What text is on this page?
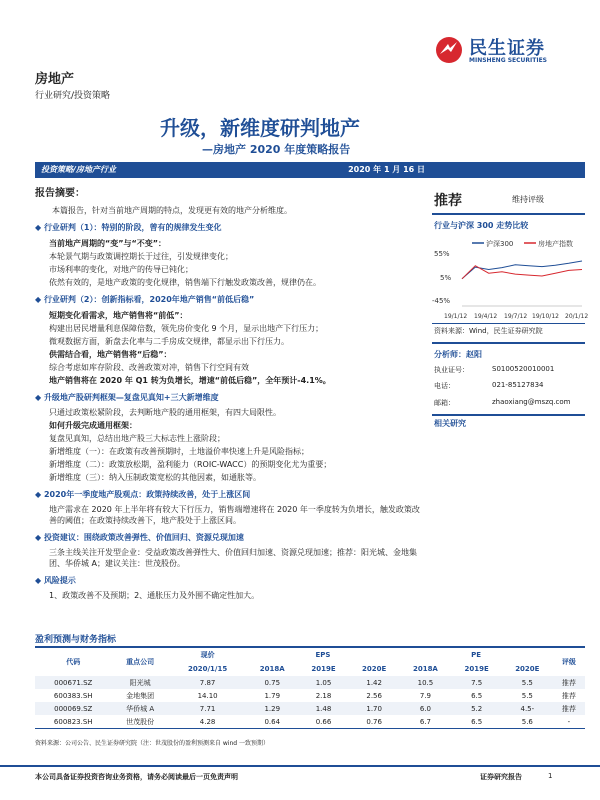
民生证券
MINSHENG SECURITIES
房地产
行业研究/投资策略
升级，新维度研判地产
—房地产 2020 年度策略报告
投资策略/房地产行业	2020 年 1 月 16 日
报告摘要：
本篇报告，针对当前地产周期的特点，发现更有效的地产分析维度。
◆ 行业研判（1）：特别的阶段，曾有的规律发生变化
当前地产周期的“变”与“不变”：
本轮景气期与政策调控期长于过往，引发规律变化；
市场利率的变化，对地产的传导已钝化；
依然有效的，是地产政策的变化规律，销售端下行触发政策改善，规律仍在。
◆ 行业研判（2）：创新指标看，2020年地产销售“前低后稳”
短期变化看需求，地产销售将“前低”：
构建出居民增量利息保障倍数，领先房价变化 9 个月，显示出地产下行压力；
微观数据方面，新盘去化率与二手房成交规律，都显示出下行压力。
供需结合看，地产销售将“后稳”：
综合考虑如库存阶段、改善政策对冲，销售下行空间有效
地产销售将在 2020 年 Q1 转为负增长，增速“前低后稳”，全年预计-4.1%。
◆ 升级地产股研判框架—复盘见真知+三大新增维度
只通过政策松紧阶段，去判断地产股的通用框架，有四大局限性。
如何升级完成通用框架：
复盘见真知，总结出地产股三大标志性上涨阶段；
新增维度（一）：在政策有改善预期时，土地溢价率快速上升是风险指标；
新增维度（二）：政策放松期，盈利能力（ROIC-WACC）的预期变化尤为重要；
新增维度（三）：纳入压制政策宽松的其他因素，如通胀等。
◆ 2020年一季度地产股观点：政策持续改善，处于上涨区间
地产需求在 2020 年上半年将有较大下行压力，销售端增速将在 2020 年一季度转为负增长，触发政策改善的阈值；在政策持续改善下，地产股处于上涨区间。
◆ 投资建议：围绕政策改善弹性、价值回归、资源兑现加速
三条主线关注开发型企业：受益政策改善弹性大、价值回归加速、资源兑现加速；推荐：阳光城、金地集团、华侨城 A；建议关注：世茂股份。
◆ 风险提示
1、政策改善不及预期；2、通胀压力及外围不确定性加大。
推荐	维持评级
行业与沪深 300 走势比较
沪深300	房地产指数
55%
5%
-45%
19/1/12 19/4/12 19/7/12 19/10/12 20/1/12
资料来源：Wind，民生证券研究院
分析师：赵阳
执业证号：	S0100520010001
电话：	021-85127834
邮箱：	zhaoxiang@mszq.com
相关研究
盈利预测与财务指标
代码	重点公司	现价	EPS			PE			评级
		2020/1/15	2018A	2019E	2020E	2018A	2019E	2020E	
000671.SZ	阳光城	7.87	0.75	1.05	1.42	10.5	7.5	5.5	推荐
600383.SH	金地集团	14.10	1.79	2.18	2.56	7.9	6.5	5.5	推荐
000069.SZ	华侨城 A	7.71	1.29	1.48	1.70	6.0	5.2	4.5-	推荐
600823.SH	世茂股份	4.28	0.64	0.66	0.76	6.7	6.5	5.6	-
资料来源：公司公告、民生证券研究院（注：世茂股份的盈利预测来自 wind 一致预期）
本公司具备证券投资咨询业务资格，请务必阅读最后一页免责声明	证券研究报告	1
